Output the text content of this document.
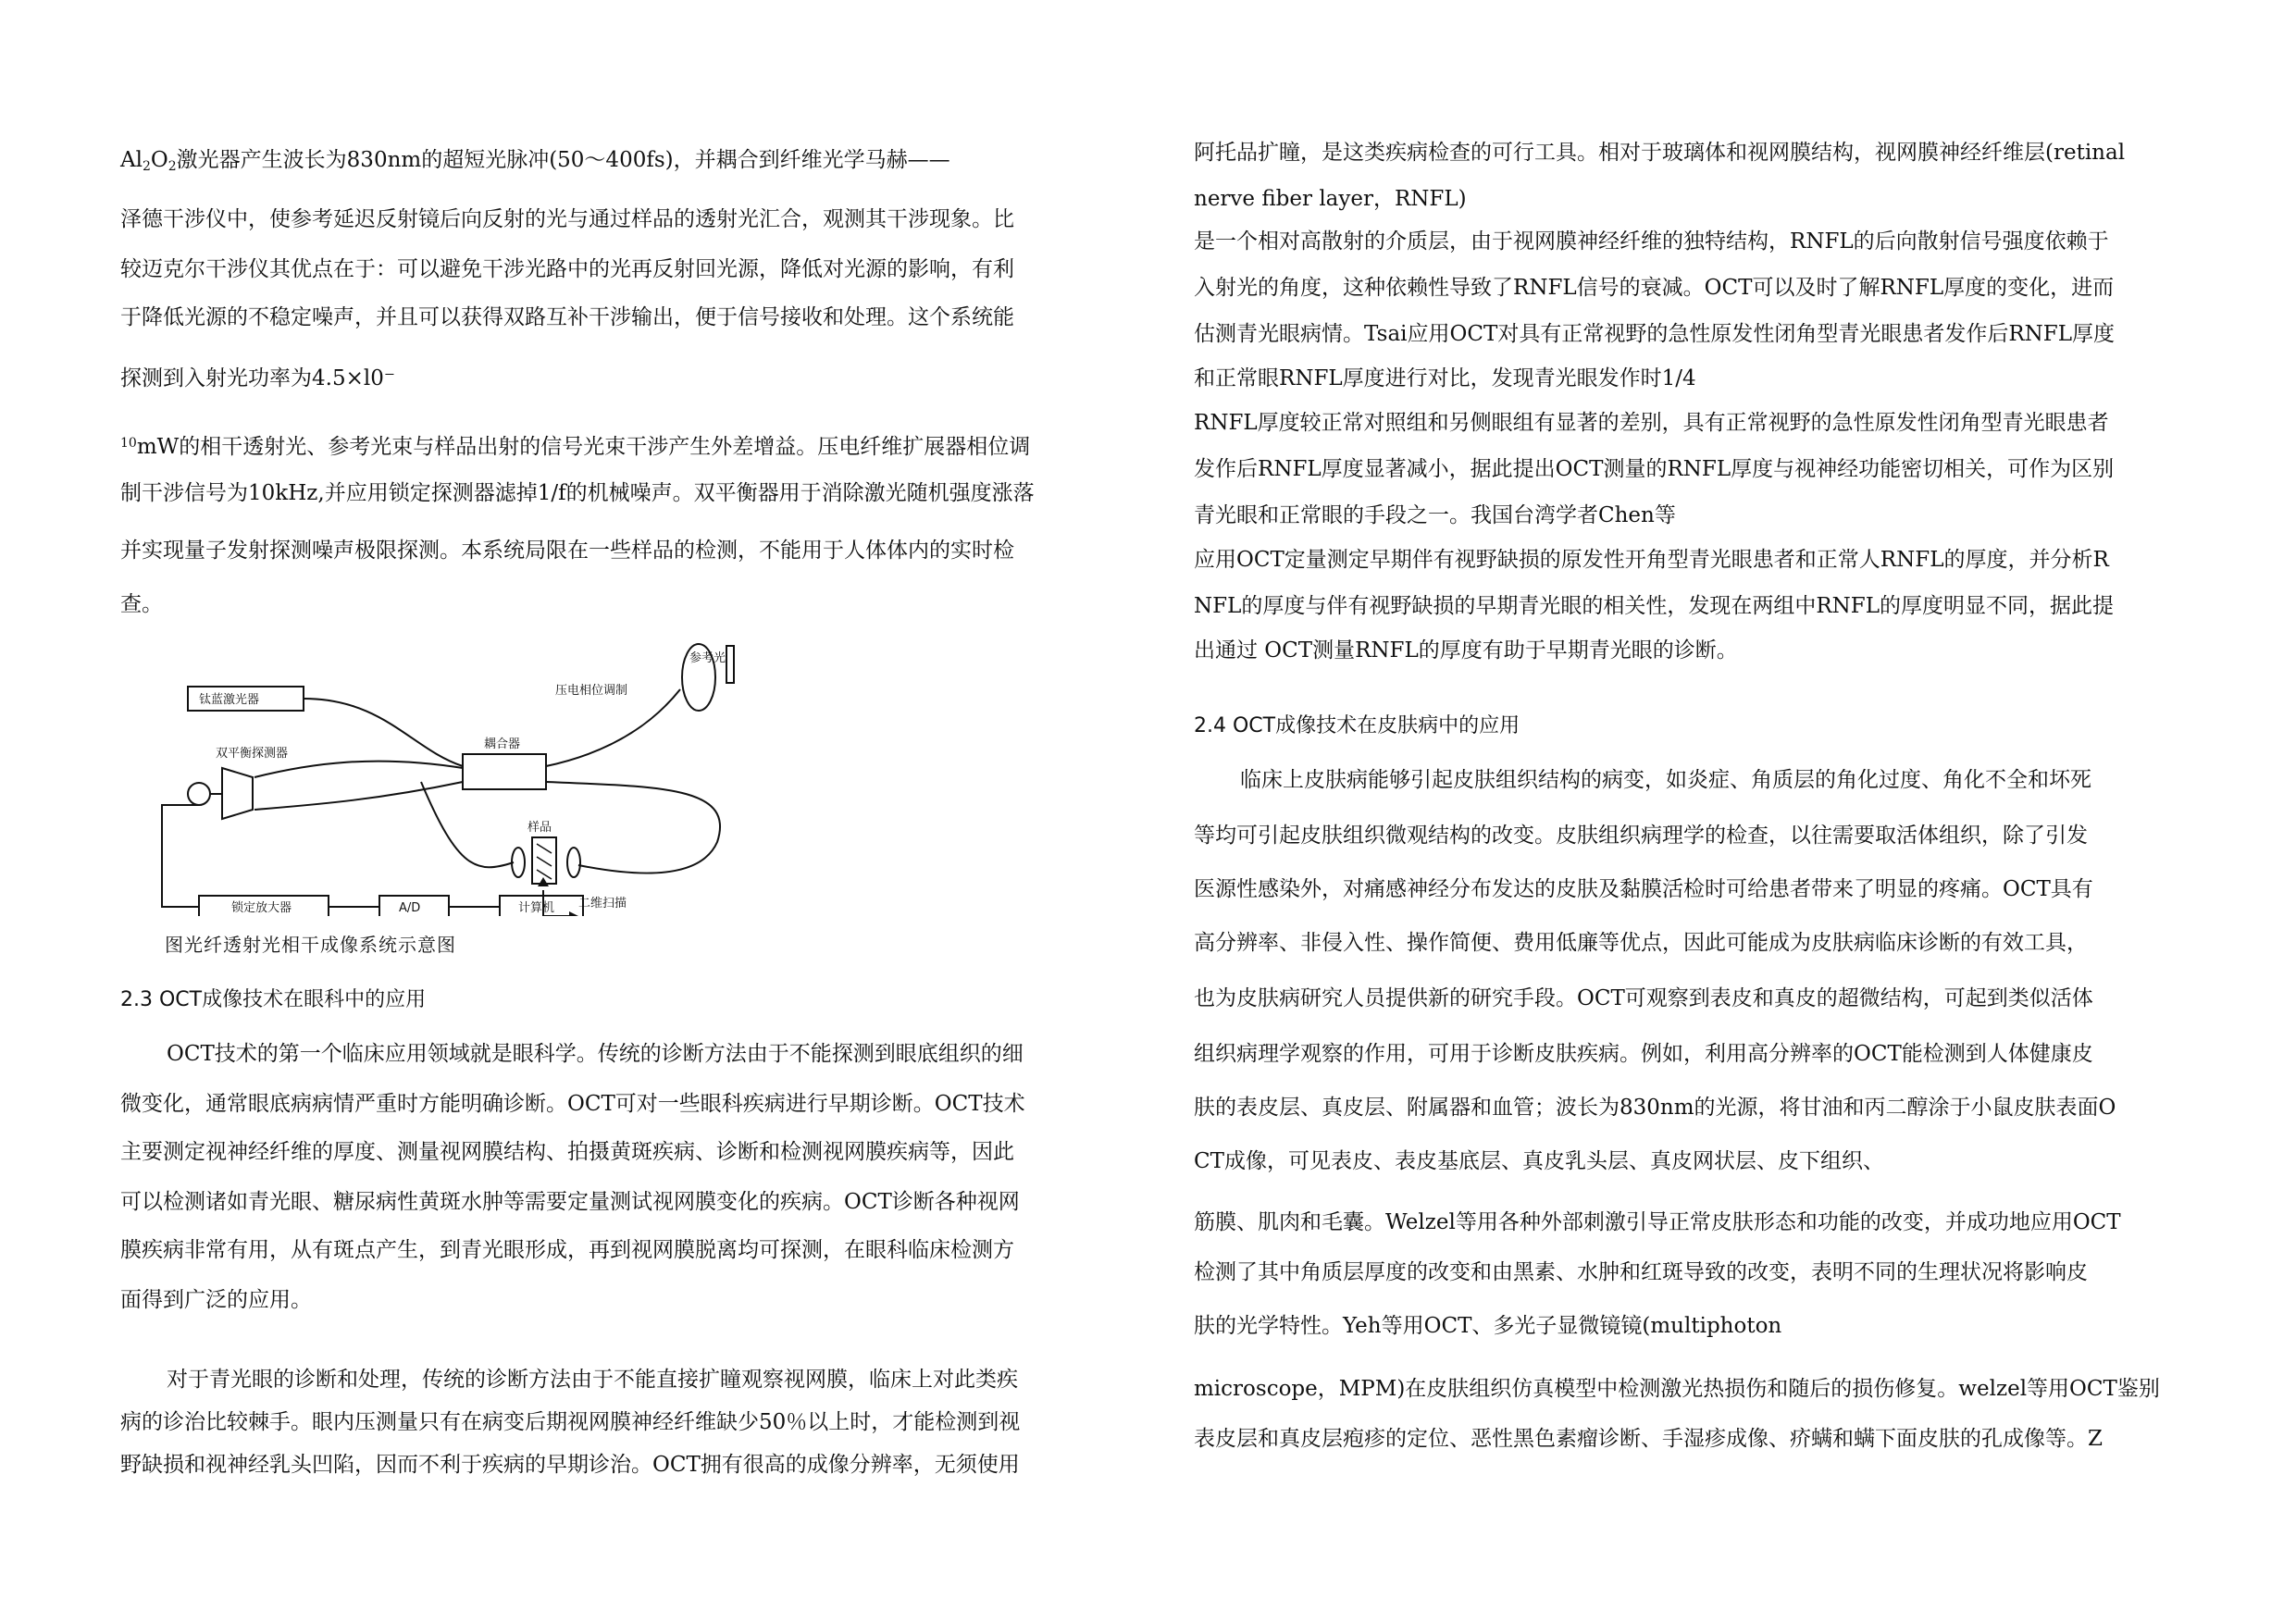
$Al_2O_2$激光器产生波长为830nm的超短光脉冲(50～400fs)，并耦合到纤维光学马赫——
泽德干涉仪中，使参考延迟反射镜后向反射的光与通过样品的透射光汇合，观测其干涉现象。比
较迈克尔干涉仪其优点在于：可以避免干涉光路中的光再反射回光源，降低对光源的影响，有利
于降低光源的不稳定噪声，并且可以获得双路互补干涉输出，便于信号接收和处理。这个系统能
探测到入射光功率为4.5×l0⁻
$^{10}$mW的相干透射光、参考光束与样品出射的信号光束干涉产生外差增益。压电纤维扩展器相位调
制干涉信号为10kHz,并应用锁定探测器滤掉1/f的机械噪声。双平衡器用于消除激光随机强度涨落
并实现量子发射探测噪声极限探测。本系统局限在一些样品的检测，不能用于人体体内的实时检
查。
钛蓝激光器
耦合器
压电相位调制
参考光
双平衡探测器
样品
二维扫描
锁定放大器	A/D	计算机
图光纤透射光相干成像系统示意图
2.3 OCT成像技术在眼科中的应用
OCT技术的第一个临床应用领域就是眼科学。传统的诊断方法由于不能探测到眼底组织的细
微变化，通常眼底病病情严重时方能明确诊断。OCT可对一些眼科疾病进行早期诊断。OCT技术
主要测定视神经纤维的厚度、测量视网膜结构、拍摄黄斑疾病、诊断和检测视网膜疾病等，因此
可以检测诸如青光眼、糖尿病性黄斑水肿等需要定量测试视网膜变化的疾病。OCT诊断各种视网
膜疾病非常有用，从有斑点产生，到青光眼形成，再到视网膜脱离均可探测，在眼科临床检测方
面得到广泛的应用。
对于青光眼的诊断和处理，传统的诊断方法由于不能直接扩瞳观察视网膜，临床上对此类疾
病的诊治比较棘手。眼内压测量只有在病变后期视网膜神经纤维缺少50％以上时，才能检测到视
野缺损和视神经乳头凹陷，因而不利于疾病的早期诊治。OCT拥有很高的成像分辨率，无须使用
阿托品扩瞳，是这类疾病检查的可行工具。相对于玻璃体和视网膜结构，视网膜神经纤维层(retinal
nerve fiber layer，RNFL)
是一个相对高散射的介质层，由于视网膜神经纤维的独特结构，RNFL的后向散射信号强度依赖于
入射光的角度，这种依赖性导致了RNFL信号的衰减。OCT可以及时了解RNFL厚度的变化，进而
估测青光眼病情。Tsai应用OCT对具有正常视野的急性原发性闭角型青光眼患者发作后RNFL厚度
和正常眼RNFL厚度进行对比，发现青光眼发作时1/4
RNFL厚度较正常对照组和另侧眼组有显著的差别，具有正常视野的急性原发性闭角型青光眼患者
发作后RNFL厚度显著减小，据此提出OCT测量的RNFL厚度与视神经功能密切相关，可作为区别
青光眼和正常眼的手段之一。我国台湾学者Chen等
应用OCT定量测定早期伴有视野缺损的原发性开角型青光眼患者和正常人RNFL的厚度，并分析R
NFL的厚度与伴有视野缺损的早期青光眼的相关性，发现在两组中RNFL的厚度明显不同，据此提
出通过 OCT测量RNFL的厚度有助于早期青光眼的诊断。
2.4 OCT成像技术在皮肤病中的应用
临床上皮肤病能够引起皮肤组织结构的病变，如炎症、角质层的角化过度、角化不全和坏死
等均可引起皮肤组织微观结构的改变。皮肤组织病理学的检查，以往需要取活体组织，除了引发
医源性感染外，对痛感神经分布发达的皮肤及黏膜活检时可给患者带来了明显的疼痛。OCT具有
高分辨率、非侵入性、操作简便、费用低廉等优点，因此可能成为皮肤病临床诊断的有效工具，
也为皮肤病研究人员提供新的研究手段。OCT可观察到表皮和真皮的超微结构，可起到类似活体
组织病理学观察的作用，可用于诊断皮肤疾病。例如，利用高分辨率的OCT能检测到人体健康皮
肤的表皮层、真皮层、附属器和血管；波长为830nm的光源，将甘油和丙二醇涂于小鼠皮肤表面O
CT成像，可见表皮、表皮基底层、真皮乳头层、真皮网状层、皮下组织、
筋膜、肌肉和毛囊。Welzel等用各种外部刺激引导正常皮肤形态和功能的改变，并成功地应用OCT
检测了其中角质层厚度的改变和由黑素、水肿和红斑导致的改变，表明不同的生理状况将影响皮
肤的光学特性。Yeh等用OCT、多光子显微镜镜(multiphoton
microscope，MPM)在皮肤组织仿真模型中检测激光热损伤和随后的损伤修复。welzel等用OCT鉴别
表皮层和真皮层疱疹的定位、恶性黑色素瘤诊断、手湿疹成像、疥螨和螨下面皮肤的孔成像等。Z
